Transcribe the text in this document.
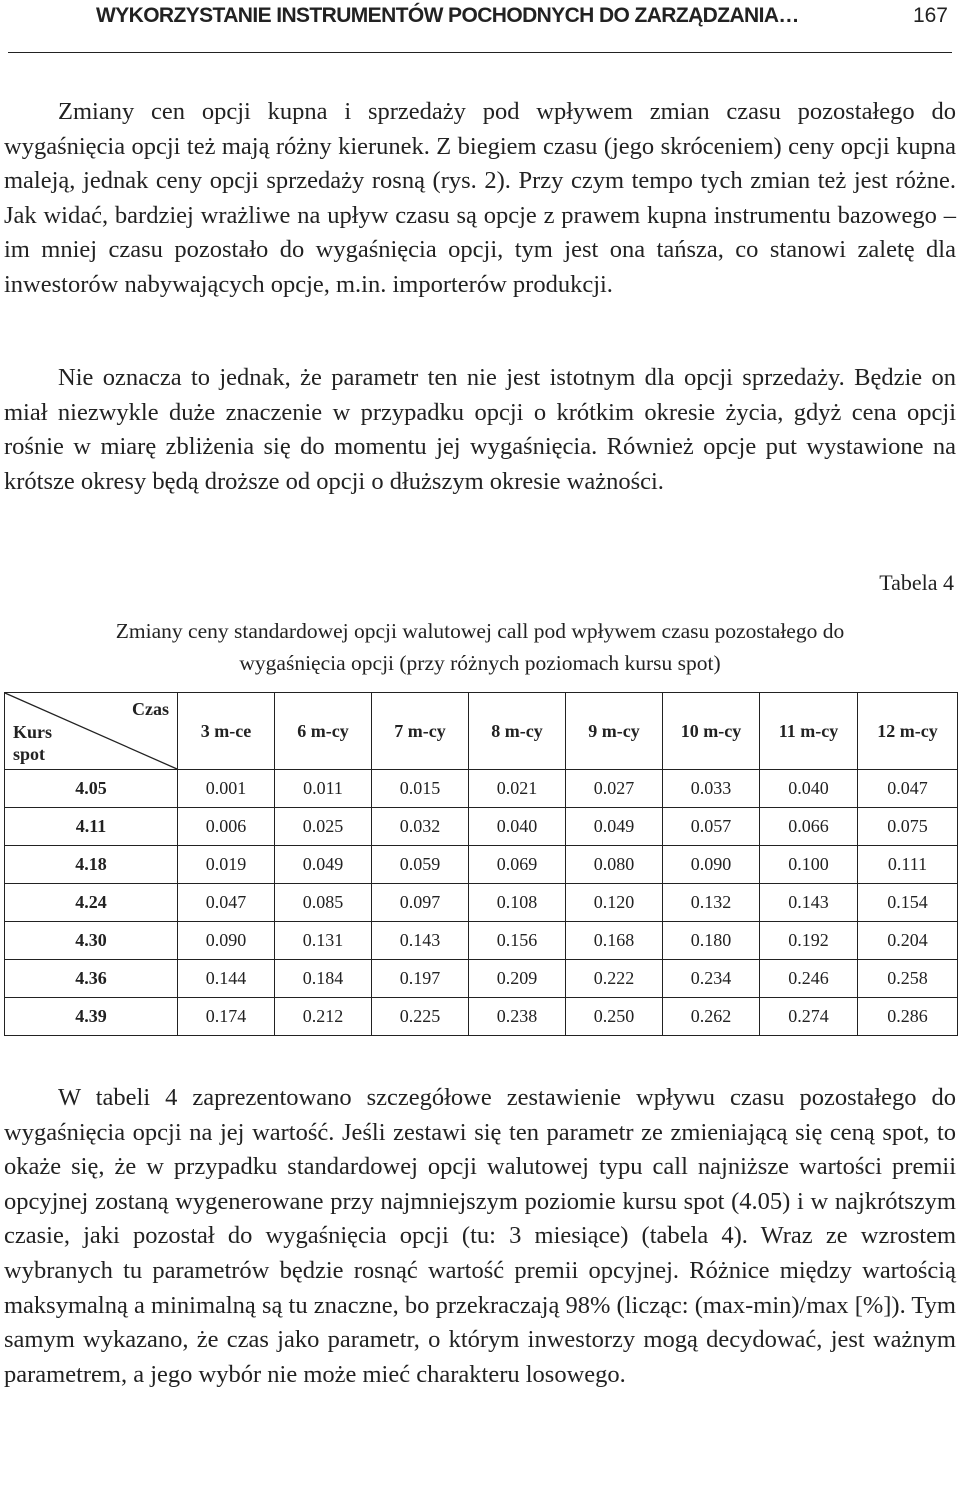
WYKORZYSTANIE INSTRUMENTÓW POCHODNYCH DO ZARZĄDZANIA…	167

Zmiany cen opcji kupna i sprzedaży pod wpływem zmian czasu pozostałego do wygaśnięcia opcji też mają różny kierunek. Z biegiem czasu (jego skróceniem) ceny opcji kupna maleją, jednak ceny opcji sprzedaży rosną (rys. 2). Przy czym tempo tych zmian też jest różne. Jak widać, bardziej wrażliwe na upływ czasu są opcje z prawem kupna instrumentu bazowego – im mniej czasu pozostało do wygaśnięcia opcji, tym jest ona tańsza, co stanowi zaletę dla inwestorów nabywających opcje, m.in. importerów produkcji.

Nie oznacza to jednak, że parametr ten nie jest istotnym dla opcji sprzedaży. Będzie on miał niezwykle duże znaczenie w przypadku opcji o krótkim okresie życia, gdyż cena opcji rośnie w miarę zbliżenia się do momentu jej wygaśnięcia. Również opcje put wystawione na krótsze okresy będą droższe od opcji o dłuższym okresie ważności.

Tabela 4
Zmiany ceny standardowej opcji walutowej call pod wpływem czasu pozostałego do
wygaśnięcia opcji (przy różnych poziomach kursu spot)
Czas
Kurs
spot	3 m-ce	6 m-cy	7 m-cy	8 m-cy	9 m-cy	10 m-cy	11 m-cy	12 m-cy
4.05	0.001	0.011	0.015	0.021	0.027	0.033	0.040	0.047
4.11	0.006	0.025	0.032	0.040	0.049	0.057	0.066	0.075
4.18	0.019	0.049	0.059	0.069	0.080	0.090	0.100	0.111
4.24	0.047	0.085	0.097	0.108	0.120	0.132	0.143	0.154
4.30	0.090	0.131	0.143	0.156	0.168	0.180	0.192	0.204
4.36	0.144	0.184	0.197	0.209	0.222	0.234	0.246	0.258
4.39	0.174	0.212	0.225	0.238	0.250	0.262	0.274	0.286

W tabeli 4 zaprezentowano szczegółowe zestawienie wpływu czasu pozostałego do wygaśnięcia opcji na jej wartość. Jeśli zestawi się ten parametr ze zmieniającą się ceną spot, to okaże się, że w przypadku standardowej opcji walutowej typu call najniższe wartości premii opcyjnej zostaną wygenerowane przy najmniejszym poziomie kursu spot (4.05) i w najkrótszym czasie, jaki pozostał do wygaśnięcia opcji (tu: 3 miesiące) (tabela 4). Wraz ze wzrostem wybranych tu parametrów będzie rosnąć wartość premii opcyjnej. Różnice między wartością maksymalną a minimalną są tu znaczne, bo przekraczają 98% (licząc: (max-min)/max [%]). Tym samym wykazano, że czas jako parametr, o którym inwestorzy mogą decydować, jest ważnym parametrem, a jego wybór nie może mieć charakteru losowego.
